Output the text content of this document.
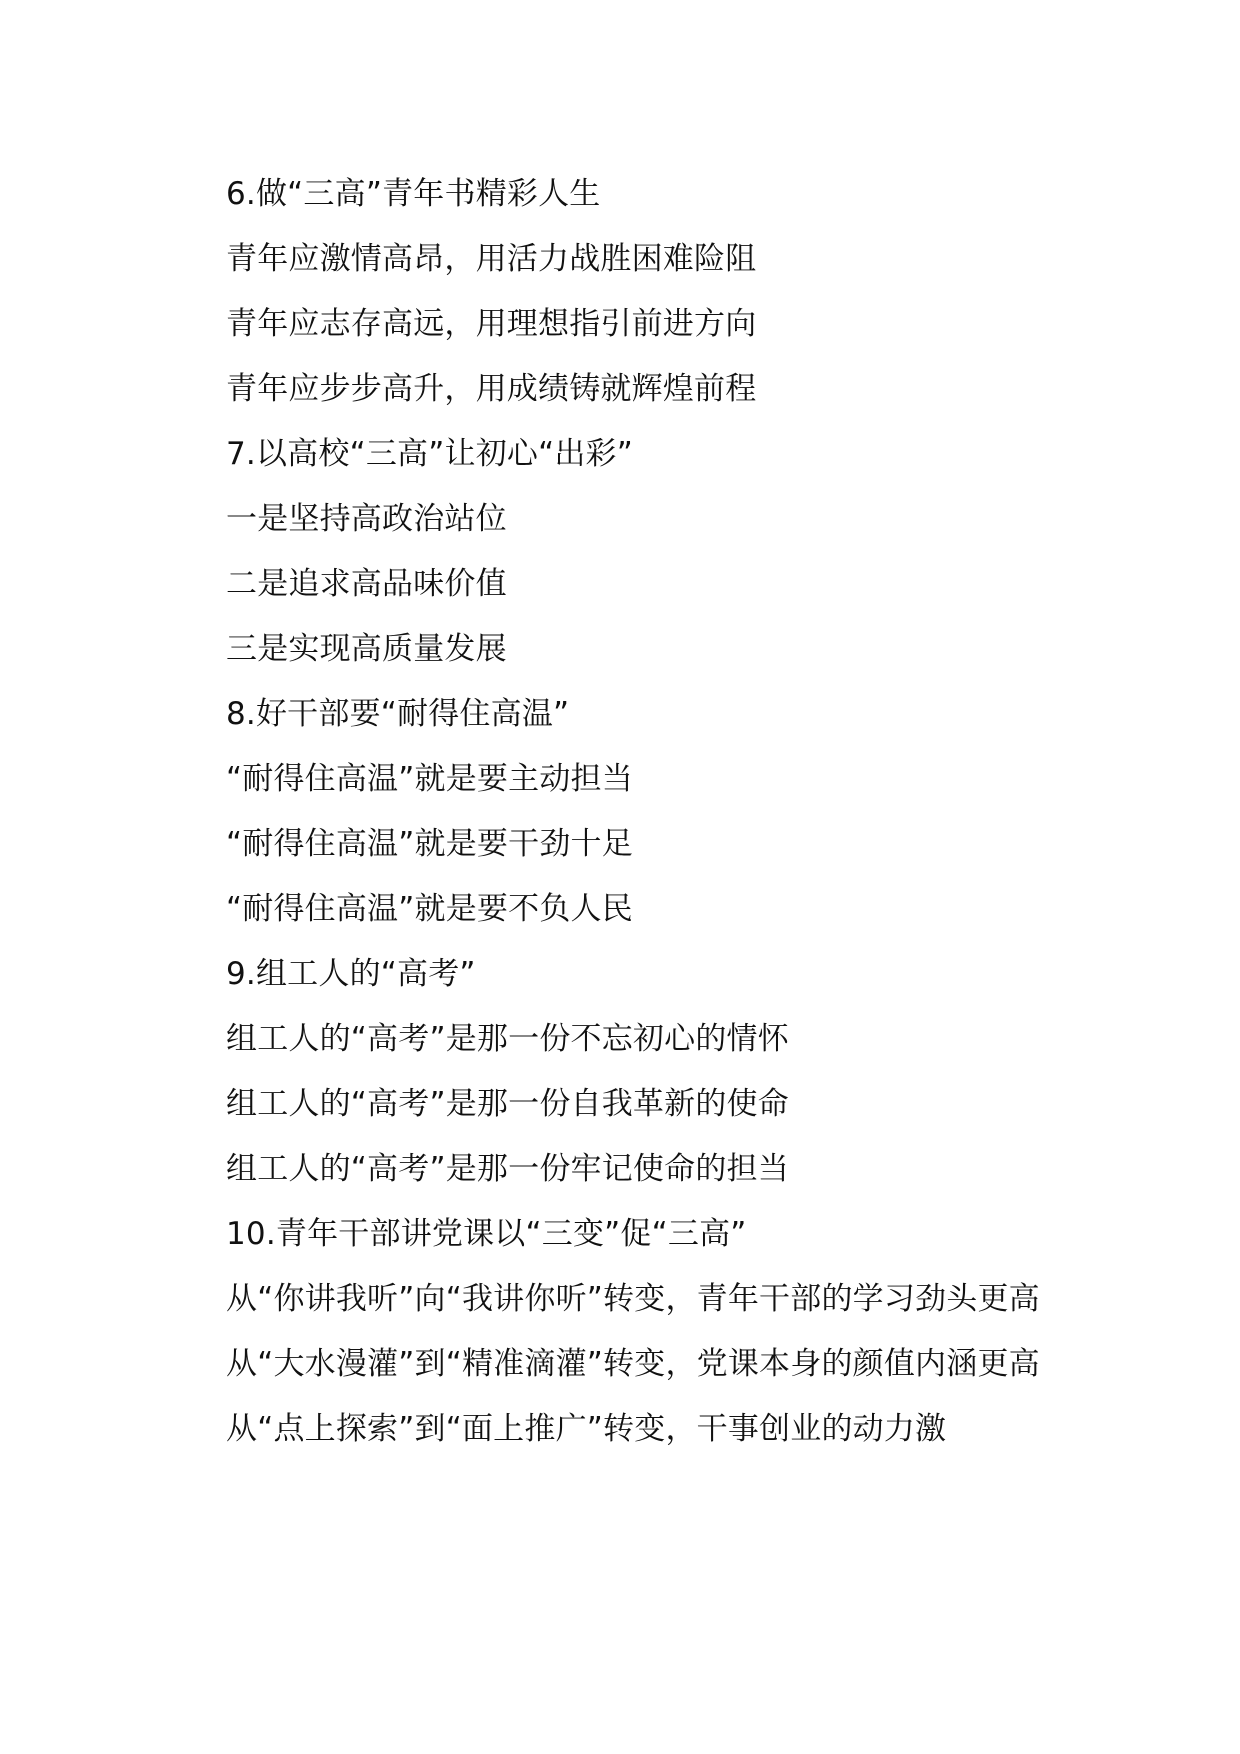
6.做“三高”青年书精彩人生

青年应激情高昂，用活力战胜困难险阻

青年应志存高远，用理想指引前进方向

青年应步步高升，用成绩铸就辉煌前程

7.以高校“三高”让初心“出彩”

一是坚持高政治站位

二是追求高品味价值

三是实现高质量发展

8.好干部要“耐得住高温”

“耐得住高温”就是要主动担当

“耐得住高温”就是要干劲十足

“耐得住高温”就是要不负人民

9.组工人的“高考”

组工人的“高考”是那一份不忘初心的情怀

组工人的“高考”是那一份自我革新的使命

组工人的“高考”是那一份牢记使命的担当

10.青年干部讲党课以“三变”促“三高”

从“你讲我听”向“我讲你听”转变，青年干部的学习劲头更高

从“大水漫灌”到“精准滴灌”转变，党课本身的颜值内涵更高

从“点上探索”到“面上推广”转变，干事创业的动力激
